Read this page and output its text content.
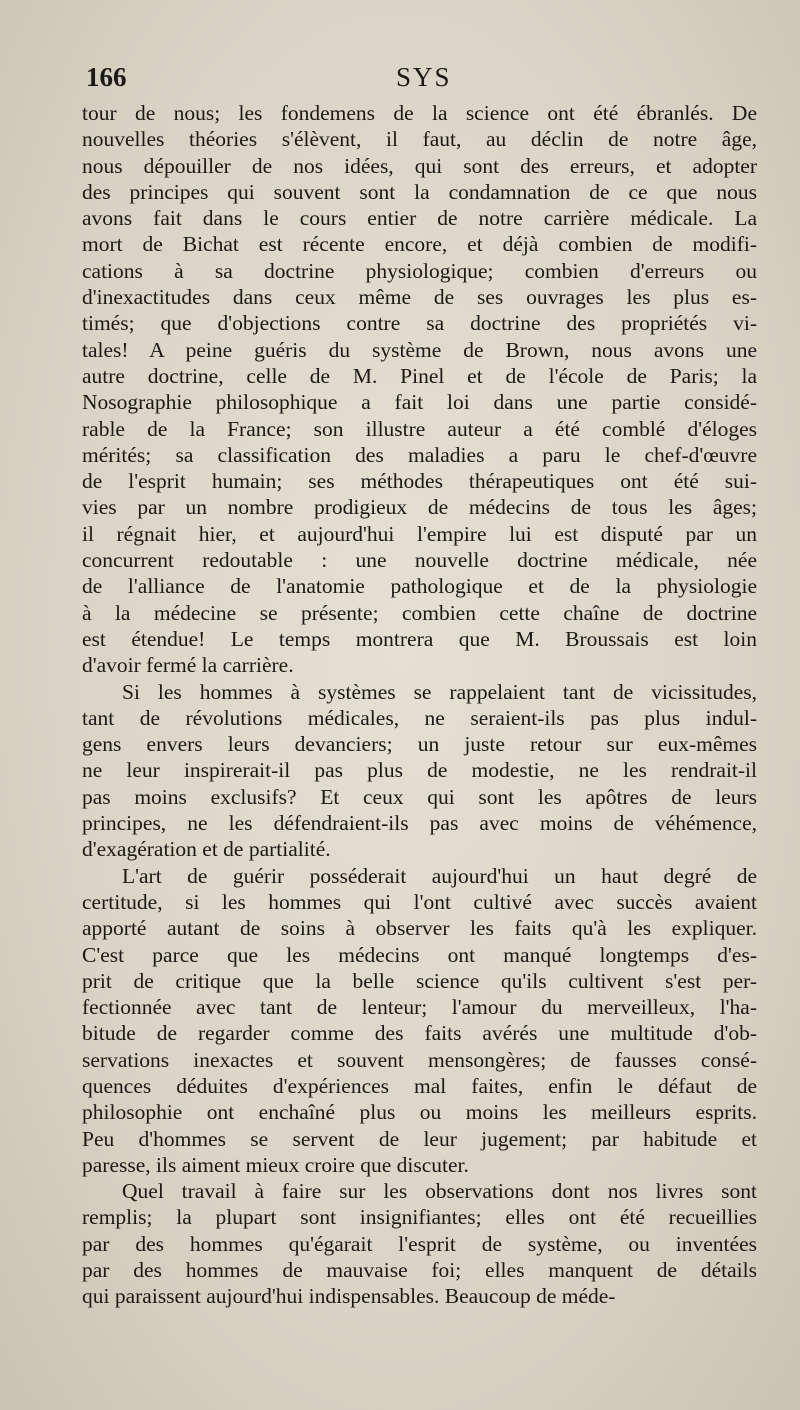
166	SYS
tour de nous; les fondemens de la science ont été ébranlés. De
nouvelles théories s'élèvent, il faut, au déclin de notre âge,
nous dépouiller de nos idées, qui sont des erreurs, et adopter
des principes qui souvent sont la condamnation de ce que nous
avons fait dans le cours entier de notre carrière médicale. La
mort de Bichat est récente encore, et déjà combien de modifi-
cations à sa doctrine physiologique; combien d'erreurs ou
d'inexactitudes dans ceux même de ses ouvrages les plus es-
timés; que d'objections contre sa doctrine des propriétés vi-
tales! A peine guéris du système de Brown, nous avons une
autre doctrine, celle de M. Pinel et de l'école de Paris; la
Nosographie philosophique a fait loi dans une partie considé-
rable de la France; son illustre auteur a été comblé d'éloges
mérités; sa classification des maladies a paru le chef-d'œuvre
de l'esprit humain; ses méthodes thérapeutiques ont été sui-
vies par un nombre prodigieux de médecins de tous les âges;
il régnait hier, et aujourd'hui l'empire lui est disputé par un
concurrent redoutable : une nouvelle doctrine médicale, née
de l'alliance de l'anatomie pathologique et de la physiologie
à la médecine se présente; combien cette chaîne de doctrine
est étendue! Le temps montrera que M. Broussais est loin
d'avoir fermé la carrière.
Si les hommes à systèmes se rappelaient tant de vicissitudes,
tant de révolutions médicales, ne seraient-ils pas plus indul-
gens envers leurs devanciers; un juste retour sur eux-mêmes
ne leur inspirerait-il pas plus de modestie, ne les rendrait-il
pas moins exclusifs? Et ceux qui sont les apôtres de leurs
principes, ne les défendraient-ils pas avec moins de véhémence,
d'exagération et de partialité.
L'art de guérir posséderait aujourd'hui un haut degré de
certitude, si les hommes qui l'ont cultivé avec succès avaient
apporté autant de soins à observer les faits qu'à les expliquer.
C'est parce que les médecins ont manqué longtemps d'es-
prit de critique que la belle science qu'ils cultivent s'est per-
fectionnée avec tant de lenteur; l'amour du merveilleux, l'ha-
bitude de regarder comme des faits avérés une multitude d'ob-
servations inexactes et souvent mensongères; de fausses consé-
quences déduites d'expériences mal faites, enfin le défaut de
philosophie ont enchaîné plus ou moins les meilleurs esprits.
Peu d'hommes se servent de leur jugement; par habitude et
paresse, ils aiment mieux croire que discuter.
Quel travail à faire sur les observations dont nos livres sont
remplis; la plupart sont insignifiantes; elles ont été recueillies
par des hommes qu'égarait l'esprit de système, ou inventées
par des hommes de mauvaise foi; elles manquent de détails
qui paraissent aujourd'hui indispensables. Beaucoup de méde-
